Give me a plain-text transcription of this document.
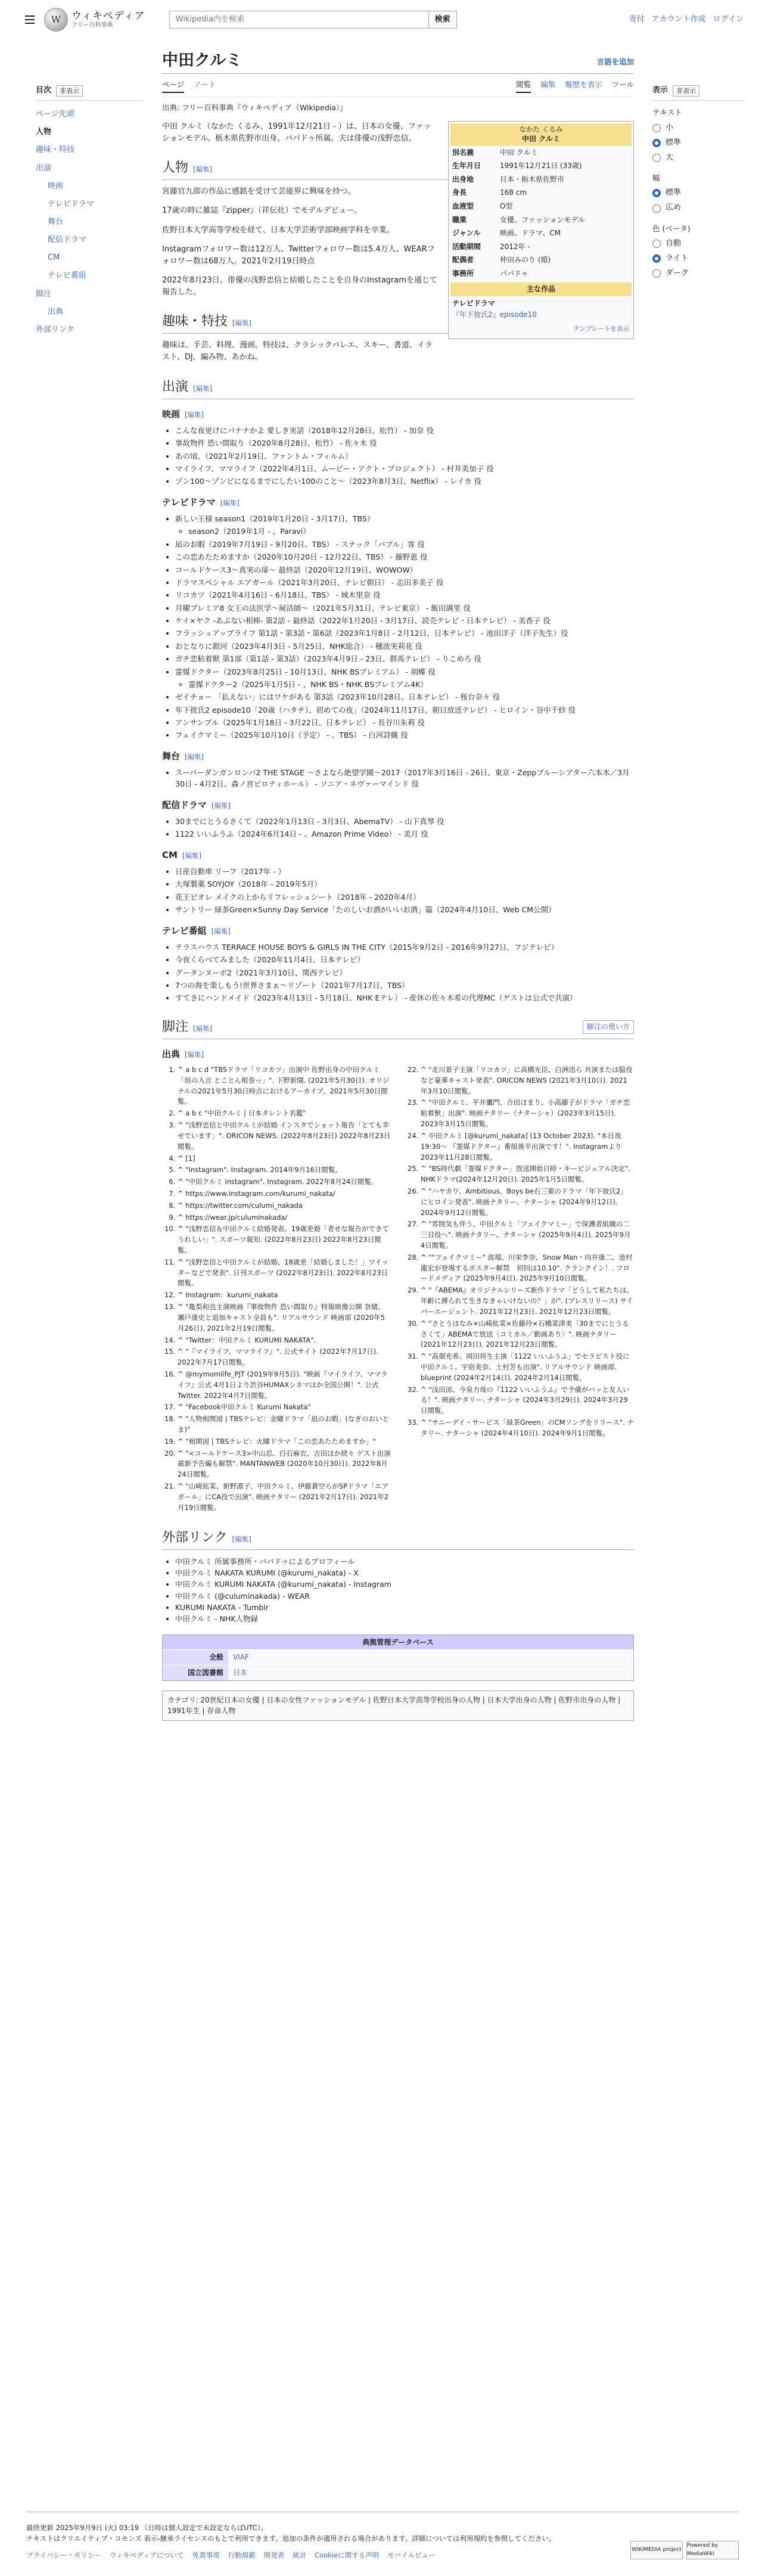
W	ウィキペディア
フリー百科事典
Wikipedia内を検索	検索	寄付 アカウント作成 ログイン
目次	非表示
ページ先頭
人物
趣味・特技
出演
映画
テレビドラマ
舞台
配信ドラマ
CM
テレビ番組
脚注
出典
外部リンク
表示	非表示
テキスト
小
標準
大
幅
標準
広め
色 (ベータ)
自動
ライト
ダーク
中田クルミ	言語を追加
ページ ノート	閲覧 編集 履歴を表示 ツール
出典: フリー百科事典『ウィキペディア（Wikipedia）』
なかた くるみ
中田 クルミ
別名義	中田 クルミ
生年月日	1991年12月21日 (33歳)
出身地	日本・栃木県佐野市
身長	168 cm
血液型	O型
職業	女優、ファッションモデル
ジャンル	映画、ドラマ、CM
活動期間	2012年 -
配偶者	仲田みのり (婚)
事務所	パパドゥ
主な作品
テレビドラマ
『年下彼氏2』episode10
テンプレートを表示

中田 クルミ（なかた くるみ、1991年12月21日 - ）は、日本の女優、ファッションモデル。栃木県佐野市出身。パパドゥ所属。夫は俳優の浅野忠信。

人物 [編集]

宮藤官九郎の作品に感銘を受けて芸能界に興味を持つ。

17歳の時に雑誌『zipper』（祥伝社）でモデルデビュー。

佐野日本大学高等学校を経て、日本大学芸術学部映画学科を卒業。

Instagramフォロワー数は12万人、Twitterフォロワー数は5.4万人、WEARフォロワー数は68万人。2021年2月19日時点

2022年8月23日、俳優の浅野忠信と結婚したことを自身のInstagramを通じて報告した。

趣味・特技 [編集]

趣味は、手芸、料理、漫画。特技は、クラシックバレエ、スキー、書道、イラスト、DJ、編み物、あかね。

出演 [編集]
映画 [編集]
• こんな夜更けにバナナかよ 愛しき実話（2018年12月28日、松竹） - 加奈 役
• 事故物件 恐い間取り（2020年8月28日、松竹） - 佐々木 役
• あの頃。（2021年2月19日、ファントム・フィルム）
• マイライフ、ママライフ（2022年4月1日、ムービー・アクト・プロジェクト） - 村井美加子 役
• ゾン100〜ゾンビになるまでにしたい100のこと〜（2023年8月3日、Netflix） - レイカ 役
テレビドラマ [編集]
• 新しい王様 season1（2019年1月20日 - 3月17日、TBS）
◦ season2（2019年1月 - 、Paravi）
• 凪のお暇（2019年7月19日 - 9月20日、TBS） - スナック「バブル」客 役
• この恋あたためますか（2020年10月20日 - 12月22日、TBS） - 藤野恵 役
• コールドケース3〜真実の扉〜 最終話（2020年12月19日、WOWOW）
• ドラマスペシャル エアガール（2021年3月20日、テレビ朝日） - 志田多美子 役
• リコカツ（2021年4月16日 - 6月18日、TBS） - 城木里奈 役
• 月曜プレミア8 女王の法医学〜屍活師〜（2021年5月31日、テレビ東京） - 飯田满里 役
• ケイ×ヤク -あぶない相棒- 第2話 - 最終話（2022年1月20日 - 3月17日、読売テレビ・日本テレビ） - 美香子 役
• フラッシュアップライフ 第1話・第3話・第6話（2023年1月8日 - 2月12日、日本テレビ） - 池田洋子（洋子先生）役
• おとなりに銀河（2023年4月3日 - 5月25日、NHK総合） - 穗波実莉花 役
• ガチ恋粘着獣 第1部（第1話 - 第3話）（2023年4月9日 - 23日、群馬テレビ） - りこめろ 役
• 霊媒ドクター（2023年8月25日 - 10月13日、NHK BSプレミアム） - 胡蝶 役
◦ 霊媒ドクター2（2025年1月5日 - 、NHK BS・NHK BSプレミアム4K）
• ゼイチョー 「払えない」にはワケがある 第3話（2023年10月28日、日本テレビ） - 桜台奈々 役
• 年下彼氏2 episode10「20歳（ハタチ）、初めての夜」（2024年11月17日、朝日放送テレビ） - ヒロイン・谷中千紗 役
• アンサンブル（2025年1月18日 - 3月22日、日本テレビ） - 長谷川朱莉 役
• フェイクマミー（2025年10月10日（予定） - 、TBS） - 白河詩織 役
舞台 [編集]
• スーパーダンガンロンパ2 THE STAGE 〜さよなら絶望学園〜2017（2017年3月16日 - 26日、東京・Zeppブルーシアター六本木／3月30日 - 4月2日、森ノ宮ピロティホール） - ソニア・ネヴァーマインド 役
配信ドラマ [編集]
• 30までにとうるさくて（2022年1月13日 - 3月3日、AbemaTV） - 山下真琴 役
• 1122 いいふうふ（2024年6月14日 - 、Amazon Prime Video） - 美月 役
CM [編集]
• 日産自動車 リーフ（2017年 - ）
• 大塚製薬 SOYJOY（2018年 - 2019年5月）
• 花王ビオレ メイクの上からリフレッシュシート（2018年 - 2020年4月）
• サントリー 緑茶Green×Sunny Day Service「たのしいお酒がいいお酒」篇（2024年4月10日、Web CM公開）
テレビ番組 [編集]
• テラスハウス TERRACE HOUSE BOYS & GIRLS IN THE CITY（2015年9月2日 - 2016年9月27日、フジテレビ）
• 今夜くらべてみました（2020年11月4日、日本テレビ）
• グータンヌーボ2（2021年3月10日、関西テレビ）
• 7つの海を楽しもう!世界さまぁ〜リゾート（2021年7月17日、TBS）
• すてきにハンドメイド（2023年4月13日 - 5月18日、NHK Eテレ） - 産休の佐々木希の代理MC（ゲストは公式で共演）
脚注 [編集]	脚注の使い方
出典 [編集]
1. ^ a b c d "TBSドラマ「リコカツ」出演中 佐野出身の中田クルミ「垣の入言 とことん根巻っ」". 下野新聞. (2021年5月30日). オリジナルの2021年5月30日時点におけるアーカイブ。2021年5月30日閲覧。
2. ^ a b c "中田クルミ | 日本タレント名鑑"
3. ^ "浅野忠信と中田クルミが結婚 インスタでショット報告「とても幸せでいます」". ORICON NEWS. (2022年8月23日) 2022年8月23日閲覧。
4. ^ [1]
5. ^ "Instagram". Instagram. 2014年9月16日閲覧。
6. ^ "中田クルミ instagram". Instagram. 2022年8月24日閲覧。
7. ^ https://www.instagram.com/kurumi_nakata/
8. ^ https://twitter.com/culumi_nakada
9. ^ https://wear.jp/culuminakada/
10. ^ "浅野忠信＆中田クルミ結婚発表、19歳差婚「者せな報告ができてうれしい」". スポーツ報知. (2022年8月23日) 2022年8月23日閲覧。
11. ^ "浅野忠信と中田クルミが結婚、18歳差「結婚しました！」ツイッターなどで発表". 日刊スポーツ (2022年8月23日). 2022年8月23日閲覧。
12. ^ Instagram：kurumi_nakata
13. ^ "亀梨和也主演映画『事故物件 恐い間取り』特報映像公開 奈緒、瀬戸康史と追加キャスト全員も". リアルサウンド 映画部 (2020年5月26日). 2021年2月19日閲覧。
14. ^ "Twitter：中田クルミ KURUMI NAKATA".
15. ^ "『マイライフ、ママライフ』". 公式サイト (2022年7月17日). 2022年7月17日閲覧。
16. ^ @mymomlife_PJT (2019年9月5日). "映画『マイライフ、ママライフ』公式 4月1日より渋谷HUMAXシネマほか全国公開！". 公式Twitter. 2022年4月7日閲覧。
17. ^ "Facebook中田クルミ Kurumi Nakata"
18. ^ "人物相関図 | TBSテレビ：金曜ドラマ「凪のお暇」(なぎのおいとま)"
19. ^ "相関図 | TBSテレビ：火曜ドラマ「この恋あたためますか」"
20. ^ "<コールドケース3>中山忍、白石麻衣、吉田ほか続々 ゲスト出演 最新予告編も解禁". MANTANWEB (2020年10月30日). 2022年8月24日閲覧。
21. ^ "山崎紘菜、新野凛子、中田クルミ、伊藤蒼空らがSPドラマ「エアガール」にCA役で出演". 映画ナタリー (2021年2月17日). 2021年2月19日閲覧。
22. ^ "北川景子主演「リコカツ」に高橋光臣、白洲迅ら 共演または脇役など豪華キャスト発表". ORICON NEWS (2021年3月10日). 2021年3月10日閲覧。
23. ^ "中田クルミ、平井鷹門、合田ほまり、小高藤子がドラマ「ガチ恋粘着獣」出演". 映画ナタリー（ナターシャ）(2023年3月15日). 2023年3月15日閲覧。
24. ^ 中田クルミ [@kurumi_nakata] (13 October 2023). "本日夜 19:30〜 『霊媒ドクター』番組後半出演です！". Instagramより2023年11月28日閲覧。
25. ^ "BS時代劇「霊媒ドクター」放送開始日時・キービジュアル決定". NHKドラマ(2024年12月20日). 2025年1月5日閲覧。
26. ^ "ハヤカワ、Ambitious、Boys be右三案のドラマ「年下彼氏2」にヒロイン発表". 映画ナタリー、ナターシャ (2024年9月12日). 2024年9月12日閲覧。
27. ^ "雰囲気も伴う、中田クルミ「フェイクマミー」で保護者組織の二三目役へ". 映画ナタリー、ナターシャ (2025年9月4日). 2025年9月4日閲覧。
28. ^ ""フェイクマミー" 波瑠、川栄李奈、Snow Man・向井康二、池村龍宏が登場するポスター解禁　初回は10.10". クランクイン！. フロードメディア (2025年9月4日). 2025年9月10日閲覧。
29. ^ "『ABEMA』オリジナルシリーズ新作ドラマ「どうして私たちは、年齢に縛られて生きなきゃいけないの？」が". (プレスリリース) サイバーエージェント. 2021年12月23日. 2021年12月23日閲覧。
30. ^ "さとうほなみ×山崎紘菜×佐藤玲×石橋菜津美「30までにとうるさくて」ABEMAで放送〈コミカル／動画あり〉". 映画ナタリー (2021年12月23日). 2021年12月23日閲覧。
31. ^ "高畑充希、岡田将生主演「1122 いいふうふ」でセラピスト役に　中田クルミ、宇宿美奈、土村芳も出演". リアルサウンド 映画部. blueprint (2024年2月14日). 2024年2月14日閲覧。
32. ^ "浅田涼、今泉力哉の『1122 いいふうふ』で予備がバッと友人いる！". 映画ナタリー. ナターシャ (2024年3月29日). 2024年3月29日閲覧。
33. ^ "サニーデイ・サービス「緑茶Green」のCMソングをリリース". ナタリー. ナターシャ (2024年4月10日). 2024年9月1日閲覧。
外部リンク [編集]
• 中田クルミ 所属事務所・パパドゥによるプロフィール
• 中田クルミ NAKATA KURUMI (@kurumi_nakata) - X
• 中田クルミ KURUMI NAKATA (@kurumi_nakata) - Instagram
• 中田クルミ (@culuminakada) - WEAR
• KURUMI NAKATA - Tumblr
• 中田クルミ - NHK人物録
典拠管理データベース
全般	VIAF
国立図書館	日本
カテゴリ: 20世紀日本の女優 | 日本の女性ファッションモデル | 佐野日本大学高等学校出身の人物 | 日本大学出身の人物 | 佐野市出身の人物 | 1991年生 | 存命人物
最終更新 2025年9月9日 (火) 03:19 （日時は個人設定で未設定ならばUTC）。
テキストはクリエイティブ・コモンズ 表示-継承ライセンスのもとで利用できます。追加の条件が適用される場合があります。詳細については利用規約を参照してください。
プライバシー・ポリシー ウィキペディアについて 免責事項 行動規範 開発者 統計 Cookieに関する声明 モバイルビュー
WIKIMEDIA project
Powered by MediaWiki
